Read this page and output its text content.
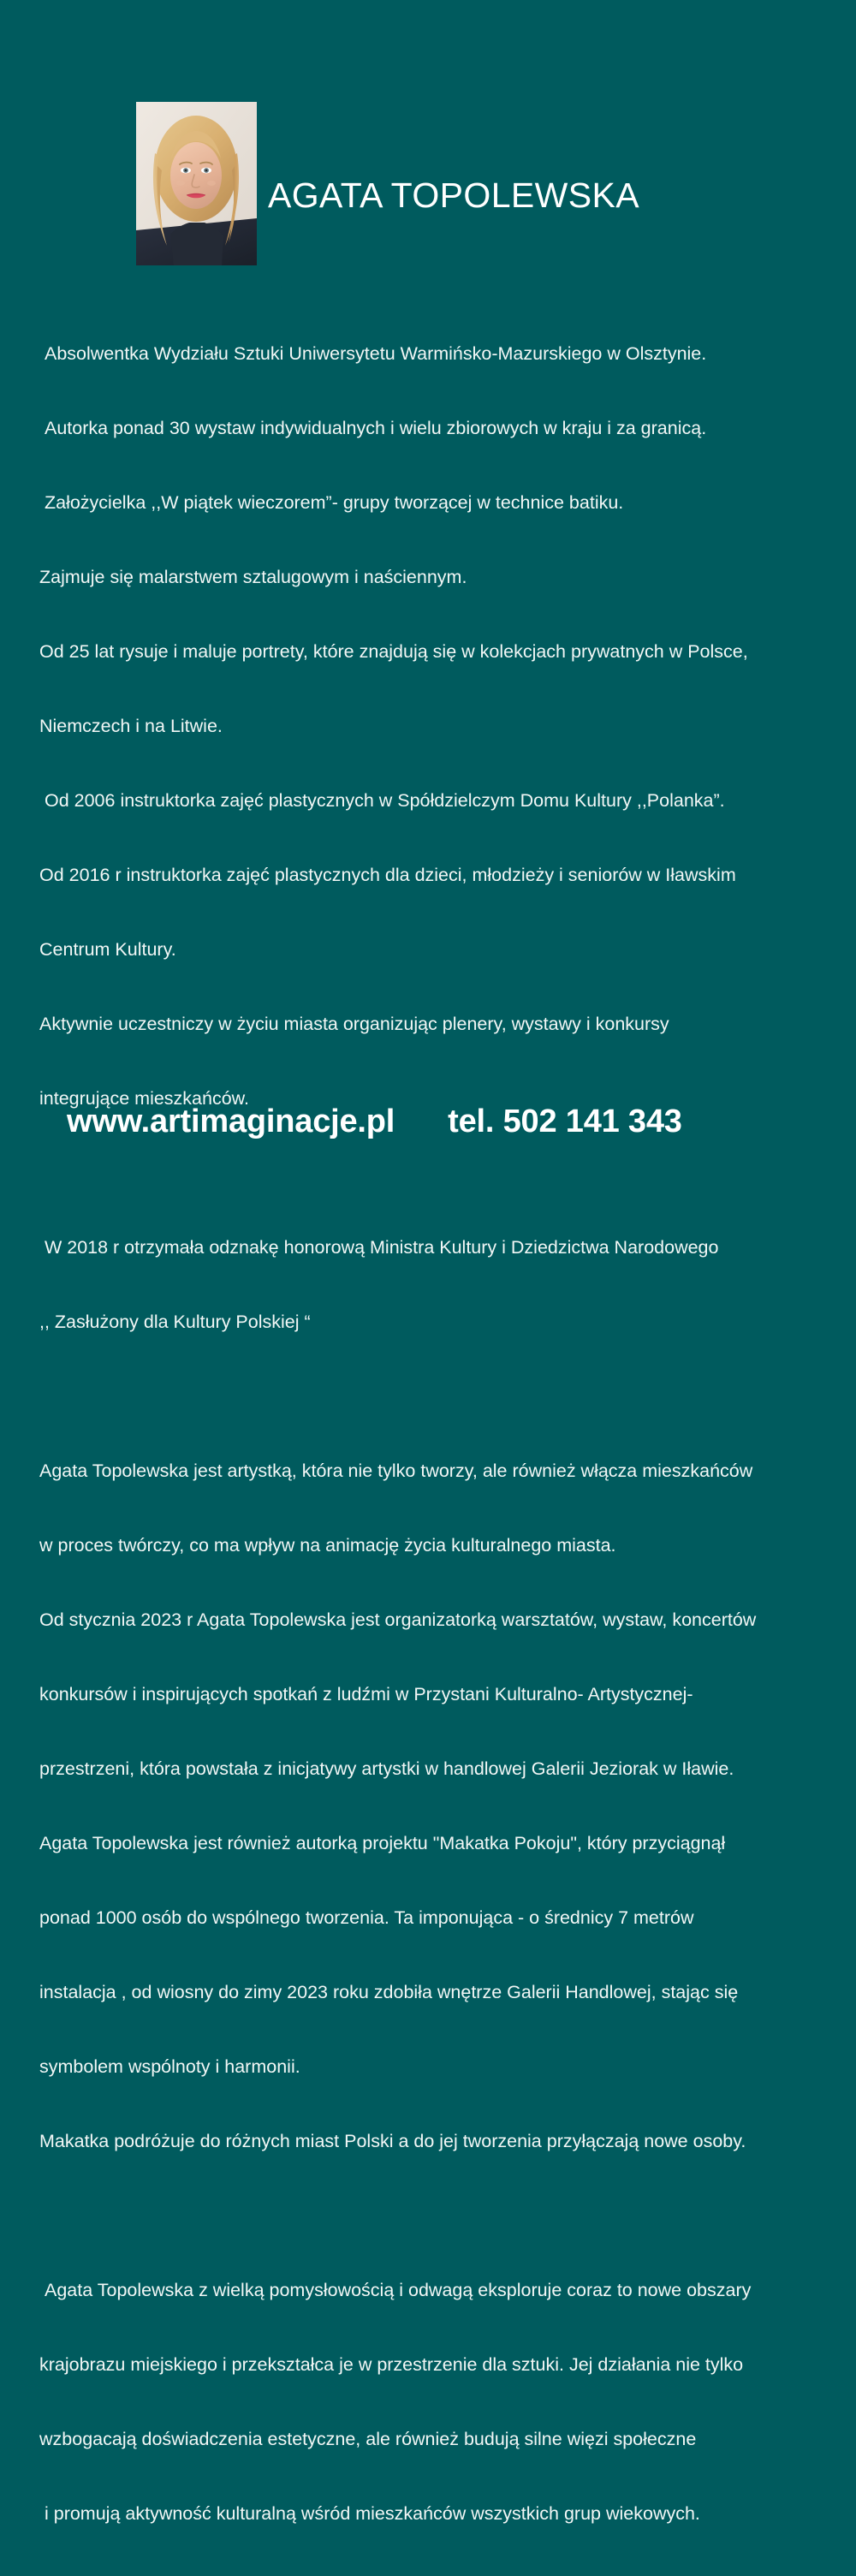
AGATA TOPOLEWSKA

Absolwentka Wydziału Sztuki Uniwersytetu Warmińsko-Mazurskiego w Olsztynie.

Autorka ponad 30 wystaw indywidualnych i wielu zbiorowych w kraju i za granicą.

Założycielka ,,W piątek wieczorem”- grupy tworzącej w technice batiku.

Zajmuje się malarstwem sztalugowym i naściennym.

Od 25 lat rysuje i maluje portrety, które znajdują się w kolekcjach prywatnych w Polsce,

Niemczech i na Litwie.

Od 2006 instruktorka zajęć plastycznych w Spółdzielczym Domu Kultury ,,Polanka”.

Od 2016 r instruktorka zajęć plastycznych dla dzieci, młodzieży i seniorów w Iławskim

Centrum Kultury.

Aktywnie uczestniczy w życiu miasta organizując plenery, wystawy i konkursy

integrujące mieszkańców.

W 2018 r otrzymała odznakę honorową Ministra Kultury i Dziedzictwa Narodowego

,, Zasłużony dla Kultury Polskiej “

Agata Topolewska jest artystką, która nie tylko tworzy, ale również włącza mieszkańców

w proces twórczy, co ma wpływ na animację życia kulturalnego miasta.

Od stycznia 2023 r Agata Topolewska jest organizatorką warsztatów, wystaw, koncertów

konkursów i inspirujących spotkań z ludźmi w Przystani Kulturalno- Artystycznej-

przestrzeni, która powstała z inicjatywy artystki w handlowej Galerii Jeziorak w Iławie.

Agata Topolewska jest również autorką projektu "Makatka Pokoju", który przyciągnął

ponad 1000 osób do wspólnego tworzenia. Ta imponująca - o średnicy 7 metrów

instalacja , od wiosny do zimy 2023 roku zdobiła wnętrze Galerii Handlowej, stając się

symbolem wspólnoty i harmonii.

Makatka podróżuje do różnych miast Polski a do jej tworzenia przyłączają nowe osoby.

Agata Topolewska z wielką pomysłowością i odwagą eksploruje coraz to nowe obszary

krajobrazu miejskiego i przekształca je w przestrzenie dla sztuki. Jej działania nie tylko

wzbogacają doświadczenia estetyczne, ale również budują silne więzi społeczne

i promują aktywność kulturalną wśród mieszkańców wszystkich grup wiekowych.

www.artimaginacje.pl tel. 502 141 343
